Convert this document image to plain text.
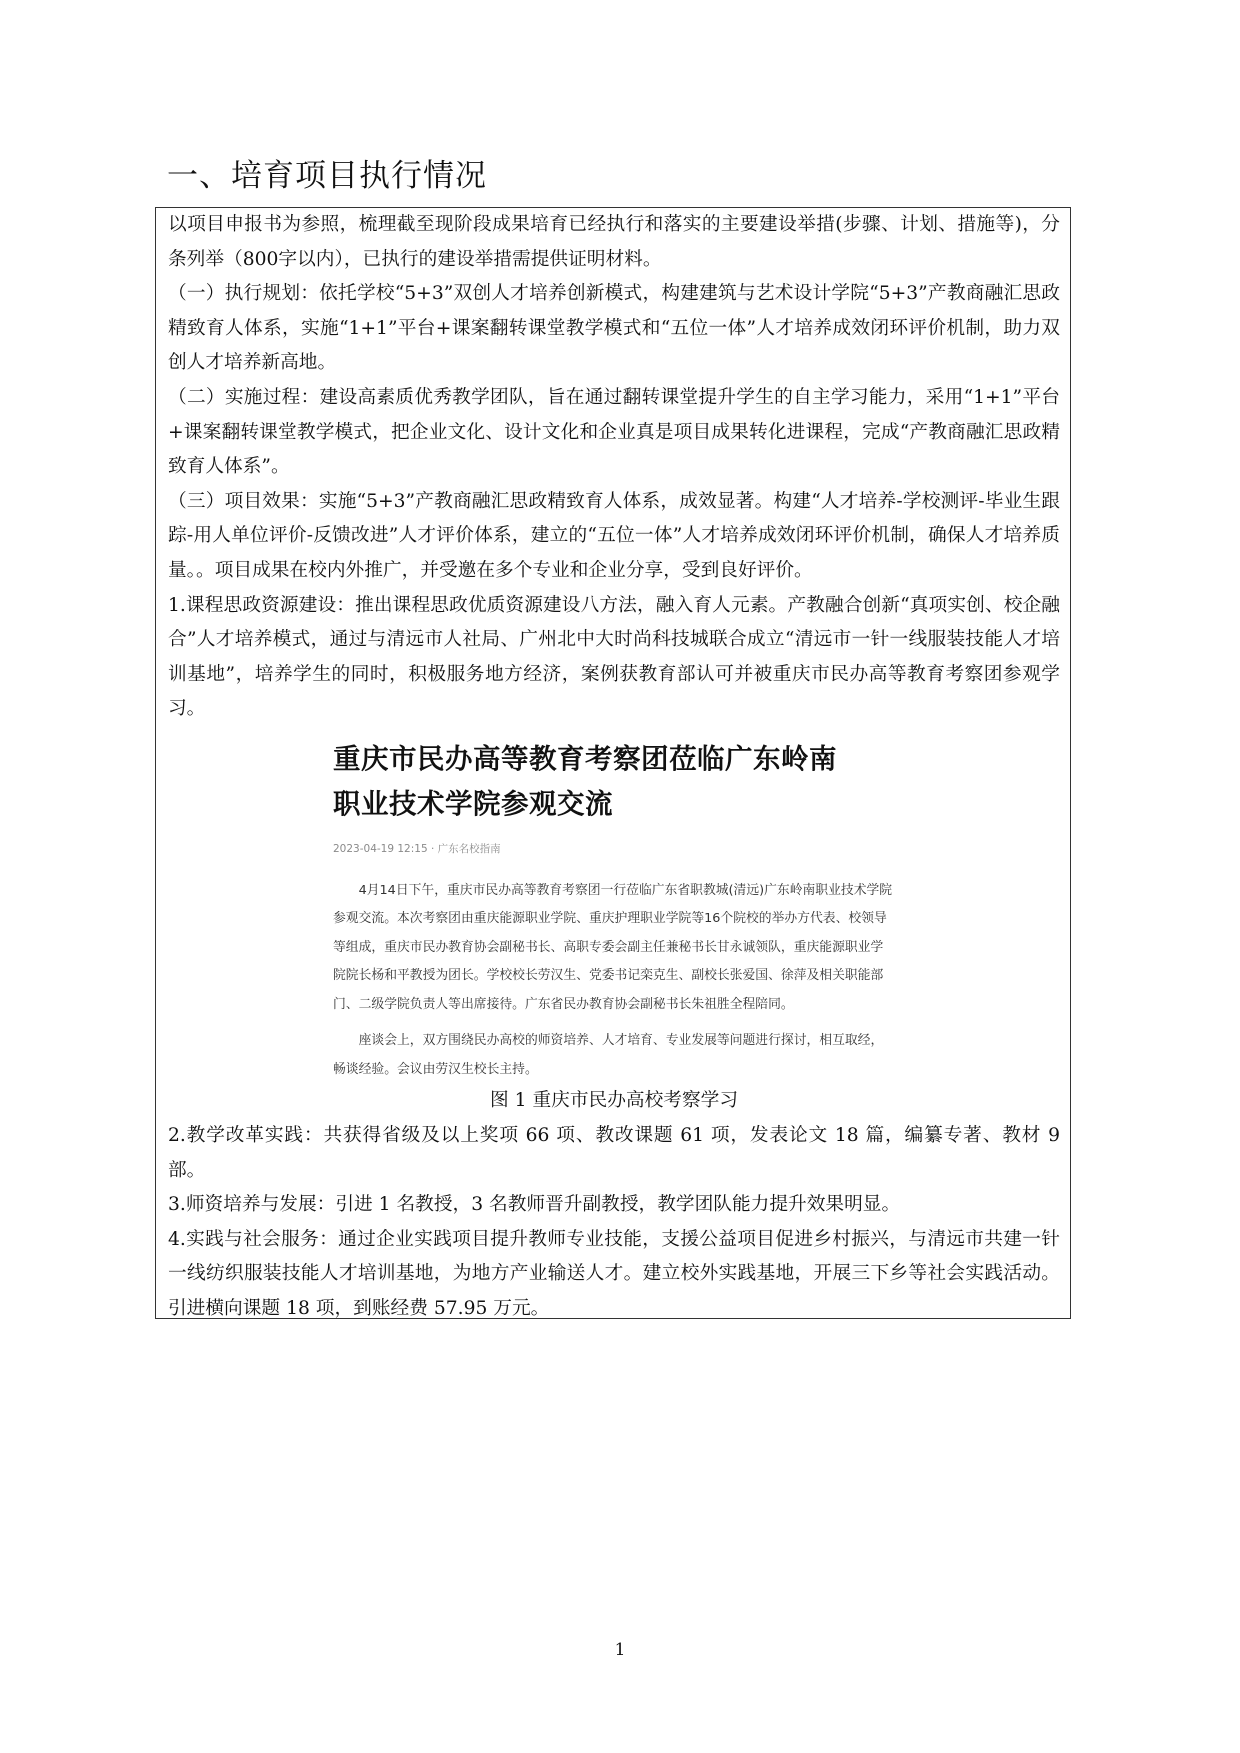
一、培育项目执行情况

以项目申报书为参照，梳理截至现阶段成果培育已经执行和落实的主要建设举措(步骤、计划、措施等)，分条列举（800字以内），已执行的建设举措需提供证明材料。

（一）执行规划：依托学校“5+3”双创人才培养创新模式，构建建筑与艺术设计学院“5+3”产教商融汇思政精致育人体系，实施“1+1”平台+课案翻转课堂教学模式和“五位一体”人才培养成效闭环评价机制，助力双创人才培养新高地。

（二）实施过程：建设高素质优秀教学团队，旨在通过翻转课堂提升学生的自主学习能力，采用“1+1”平台+课案翻转课堂教学模式，把企业文化、设计文化和企业真是项目成果转化进课程，完成“产教商融汇思政精致育人体系”。

（三）项目效果：实施“5+3”产教商融汇思政精致育人体系，成效显著。构建“人才培养-学校测评-毕业生跟踪-用人单位评价-反馈改进”人才评价体系，建立的“五位一体”人才培养成效闭环评价机制，确保人才培养质量。。项目成果在校内外推广，并受邀在多个专业和企业分享，受到良好评价。

1.课程思政资源建设：推出课程思政优质资源建设八方法，融入育人元素。产教融合创新“真项实创、校企融合”人才培养模式，通过与清远市人社局、广州北中大时尚科技城联合成立“清远市一针一线服装技能人才培训基地”，培养学生的同时，积极服务地方经济，案例获教育部认可并被重庆市民办高等教育考察团参观学习。

重庆市民办高等教育考察团莅临广东岭南

职业技术学院参观交流

2023-04-19 12:15 · 广东名校指南

4月14日下午，重庆市民办高等教育考察团一行莅临广东省职教城(清远)广东岭南职业技术学院参观交流。本次考察团由重庆能源职业学院、重庆护理职业学院等16个院校的举办方代表、校领导等组成，重庆市民办教育协会副秘书长、高职专委会副主任兼秘书长甘永诚领队，重庆能源职业学院院长杨和平教授为团长。学校校长劳汉生、党委书记栾克生、副校长张爱国、徐萍及相关职能部门、二级学院负责人等出席接待。广东省民办教育协会副秘书长朱祖胜全程陪同。

座谈会上，双方围绕民办高校的师资培养、人才培育、专业发展等问题进行探讨，相互取经，畅谈经验。会议由劳汉生校长主持。

图 1 重庆市民办高校考察学习

2.教学改革实践：共获得省级及以上奖项 66 项、教改课题 61 项，发表论文 18 篇，编纂专著、教材 9 部。

3.师资培养与发展：引进 1 名教授，3 名教师晋升副教授，教学团队能力提升效果明显。

4.实践与社会服务：通过企业实践项目提升教师专业技能，支援公益项目促进乡村振兴，与清远市共建一针一线纺织服装技能人才培训基地，为地方产业输送人才。建立校外实践基地，开展三下乡等社会实践活动。引进横向课题 18 项，到账经费 57.95 万元。

1
